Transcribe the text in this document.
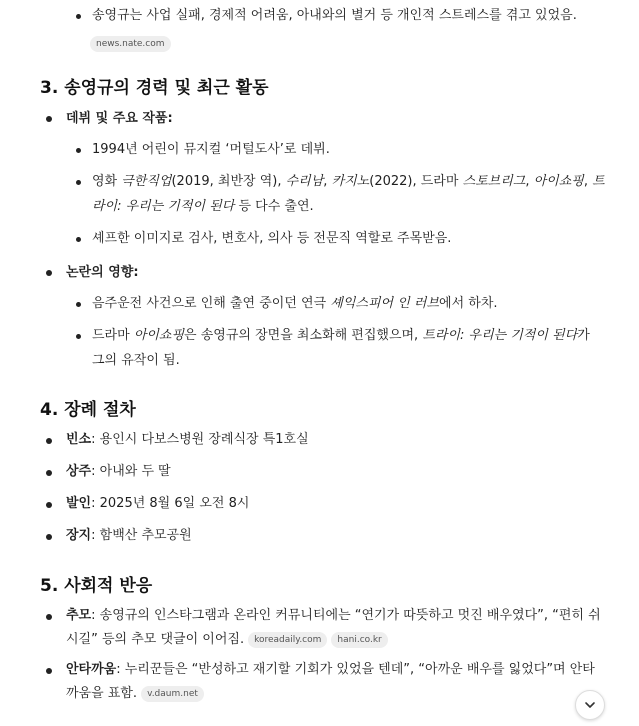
송영규는 사업 실패, 경제적 어려움, 아내와의 별거 등 개인적 스트레스를 겪고 있었음.
news.nate.com
3. 송영규의 경력 및 최근 활동
데뷔 및 주요 작품:
1994년 어린이 뮤지컬 ‘머털도사’로 데뷔.
영화 극한직업(2019, 최반장 역), 수리남, 카지노(2022), 드라마 스토브리그, 아이쇼핑, 트라이: 우리는 기적이 된다 등 다수 출연.
셰프한 이미지로 검사, 변호사, 의사 등 전문직 역할로 주목받음.
논란의 영향:
음주운전 사건으로 인해 출연 중이던 연극 셰익스피어 인 러브에서 하차.
드라마 아이쇼핑은 송영규의 장면을 최소화해 편집했으며, 트라이: 우리는 기적이 된다가 그의 유작이 됨.
4. 장례 절차
빈소: 용인시 다보스병원 장례식장 특1호실
상주: 아내와 두 딸
발인: 2025년 8월 6일 오전 8시
장지: 함백산 추모공원
5. 사회적 반응
추모: 송영규의 인스타그램과 온라인 커뮤니티에는 “연기가 따뜻하고 멋진 배우였다”, “편히 쉬
시길” 등의 추모 댓글이 이어짐. koreadaily.com hani.co.kr
안타까움: 누리꾼들은 “반성하고 재기할 기회가 있었을 텐데”, “아까운 배우를 잃었다”며 안타
까움을 표함. v.daum.net
